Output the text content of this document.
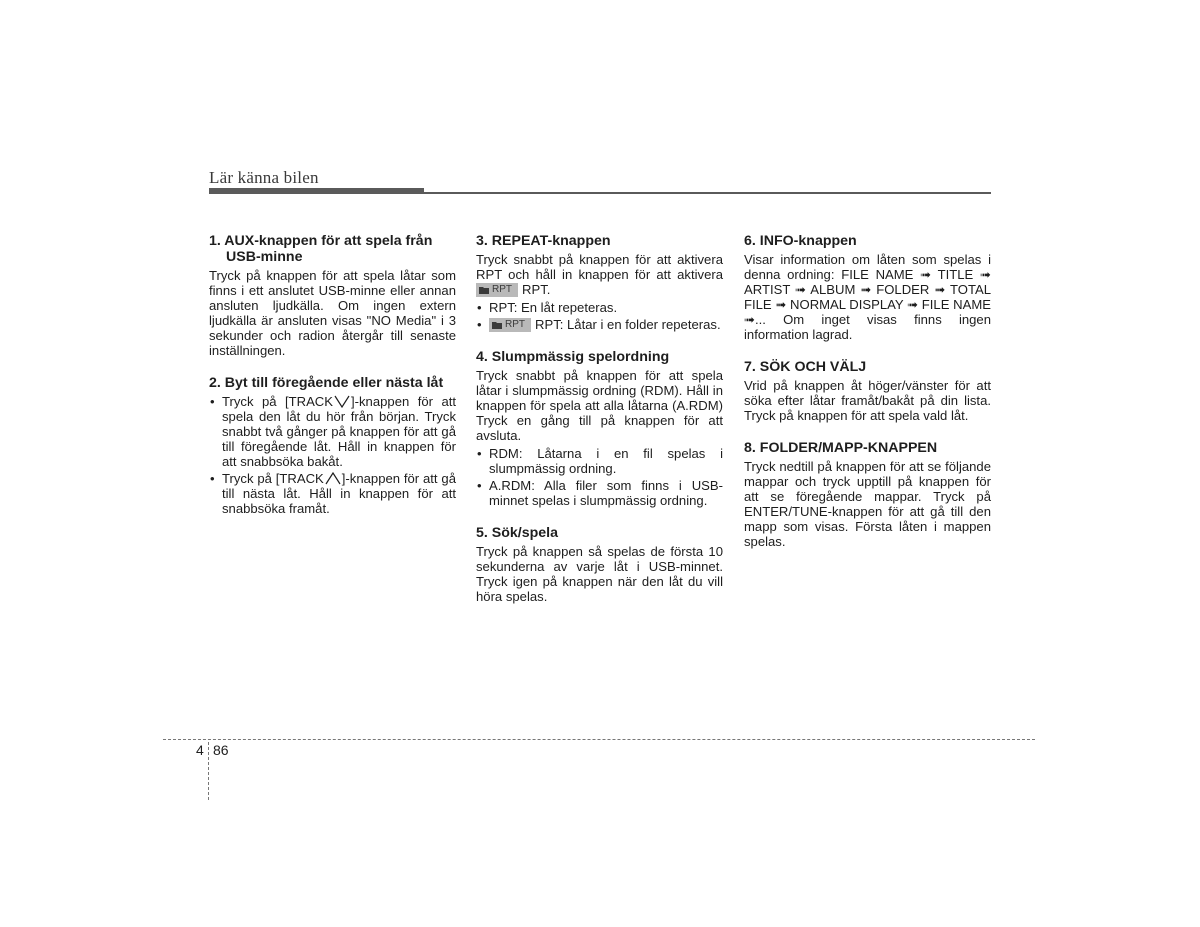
Lär känna bilen
1. AUX-knappen för att spela från USB-minne

Tryck på knappen för att spela låtar som finns i ett anslutet USB-minne eller annan ansluten ljudkälla. Om ingen extern ljudkälla är ansluten visas "NO Media" i 3 sekunder och radion återgår till senaste inställningen.

2. Byt till föregående eller nästa låt
• Tryck på [TRACK ]-knappen för att spela den låt du hör från början. Tryck snabbt två gånger på knappen för att gå till föregående låt. Håll in knappen för att snabbsöka bakåt.
• Tryck på [TRACK ]-knappen för att gå till nästa låt. Håll in knappen för att snabbsöka framåt.
3. REPEAT-knappen

Tryck snabbt på knappen för att aktivera RPT och håll in knappen för att aktivera
RPT RPT.

• RPT: En låt repeteras.
• RPT RPT: Låtar i en folder repeteras.
4. Slumpmässig spelordning

Tryck snabbt på knappen för att spela låtar i slumpmässig ordning (RDM). Håll in knappen för spela att alla låtarna (A.RDM) Tryck en gång till på knappen för att avsluta.

• RDM: Låtarna i en fil spelas i slumpmässig ordning.
• A.RDM: Alla filer som finns i USB-minnet spelas i slumpmässig ordning.
5. Sök/spela

Tryck på knappen så spelas de första 10 sekunderna av varje låt i USB-minnet. Tryck igen på knappen när den låt du vill höra spelas.

6. INFO-knappen

Visar information om låten som spelas i denna ordning: FILE NAME ➟ TITLE ➟ ARTIST ➟ ALBUM ➟ FOLDER ➟ TOTAL FILE ➟ NORMAL DISPLAY ➟ FILE NAME ➟... Om inget visas finns ingen information lagrad.

7. SÖK OCH VÄLJ

Vrid på knappen åt höger/vänster för att söka efter låtar framåt/bakåt på din lista. Tryck på knappen för att spela vald låt.

8. FOLDER/MAPP-KNAPPEN

Tryck nedtill på knappen för att se följande mappar och tryck upptill på knappen för att se föregående mappar. Tryck på ENTER/TUNE-knappen för att gå till den mapp som visas. Första låten i mappen spelas.

4 86
